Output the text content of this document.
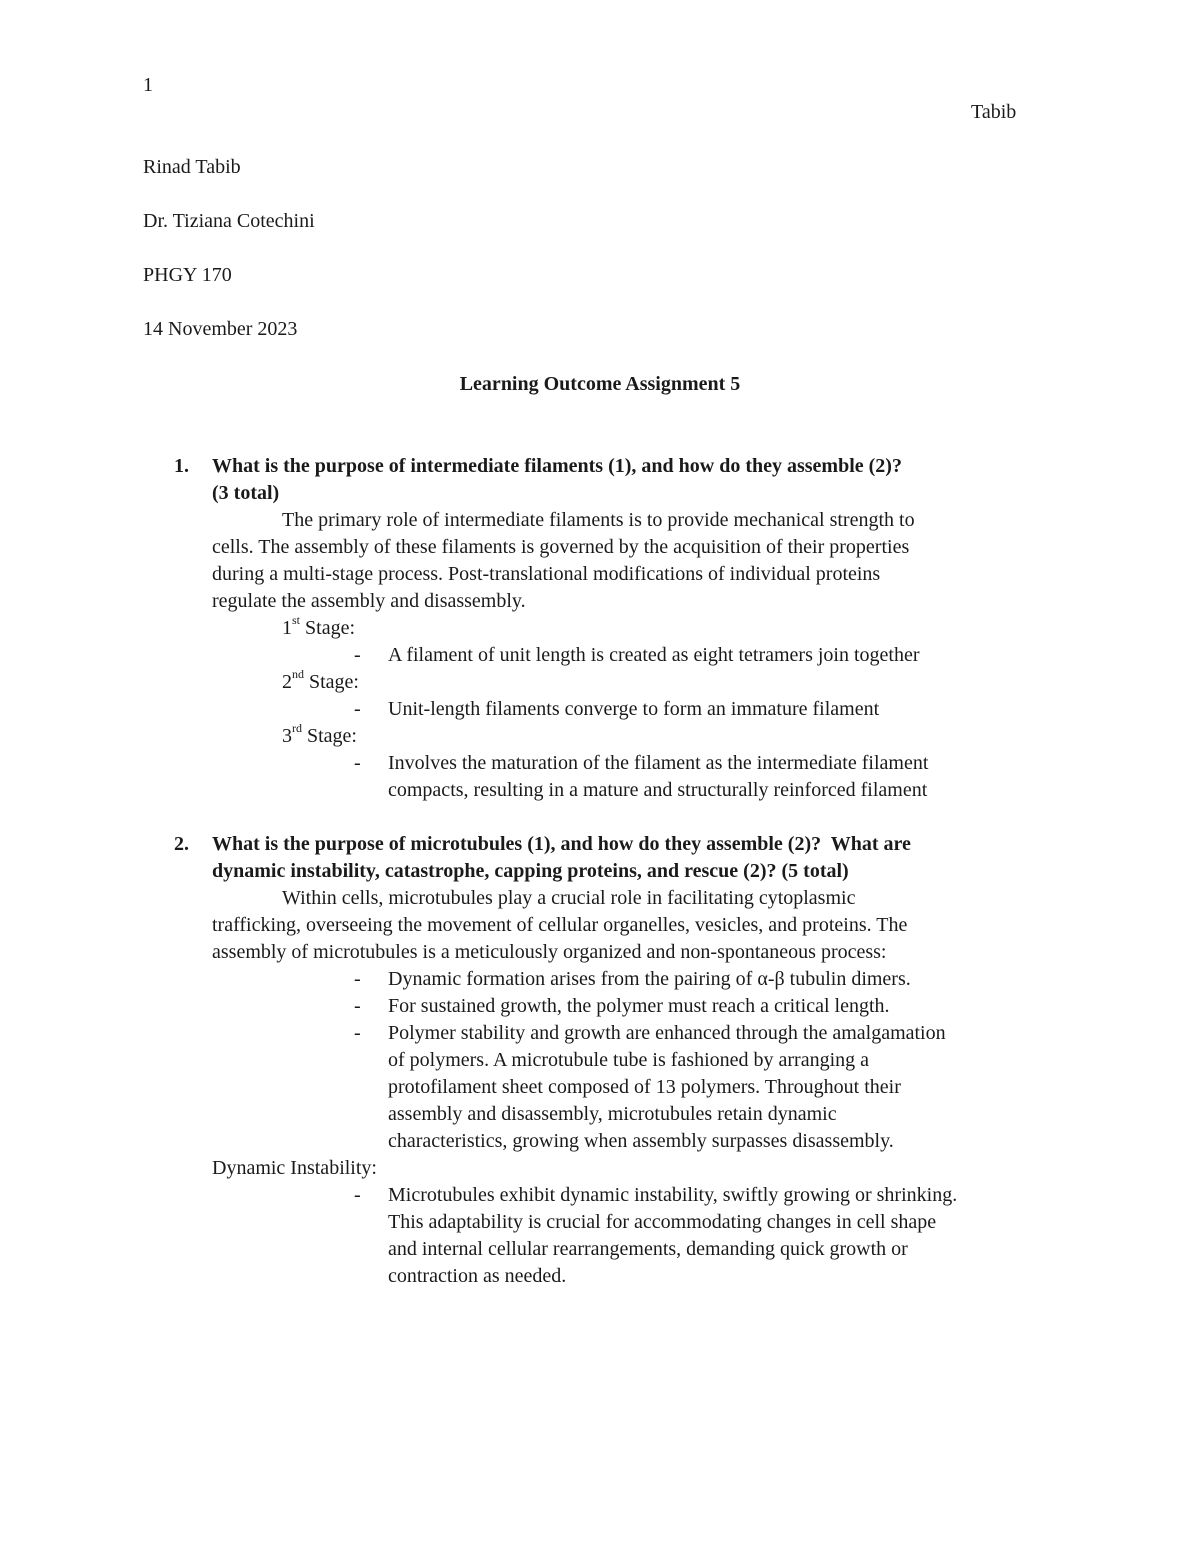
1
Tabib
Rinad Tabib
Dr. Tiziana Cotechini
PHGY 170
14 November 2023
Learning Outcome Assignment 5
1. What is the purpose of intermediate filaments (1), and how do they assemble (2)?
(3 total)
The primary role of intermediate filaments is to provide mechanical strength to
cells. The assembly of these filaments is governed by the acquisition of their properties
during a multi-stage process. Post-translational modifications of individual proteins
regulate the assembly and disassembly.
1st Stage:
- A filament of unit length is created as eight tetramers join together
2nd Stage:
- Unit-length filaments converge to form an immature filament
3rd Stage:
- Involves the maturation of the filament as the intermediate filament
compacts, resulting in a mature and structurally reinforced filament
2. What is the purpose of microtubules (1), and how do they assemble (2)?  What are
dynamic instability, catastrophe, capping proteins, and rescue (2)? (5 total)
Within cells, microtubules play a crucial role in facilitating cytoplasmic
trafficking, overseeing the movement of cellular organelles, vesicles, and proteins. The
assembly of microtubules is a meticulously organized and non-spontaneous process:
- Dynamic formation arises from the pairing of α-β tubulin dimers.
- For sustained growth, the polymer must reach a critical length.
- Polymer stability and growth are enhanced through the amalgamation
of polymers. A microtubule tube is fashioned by arranging a
protofilament sheet composed of 13 polymers. Throughout their
assembly and disassembly, microtubules retain dynamic
characteristics, growing when assembly surpasses disassembly.
Dynamic Instability:
- Microtubules exhibit dynamic instability, swiftly growing or shrinking.
This adaptability is crucial for accommodating changes in cell shape
and internal cellular rearrangements, demanding quick growth or
contraction as needed.
